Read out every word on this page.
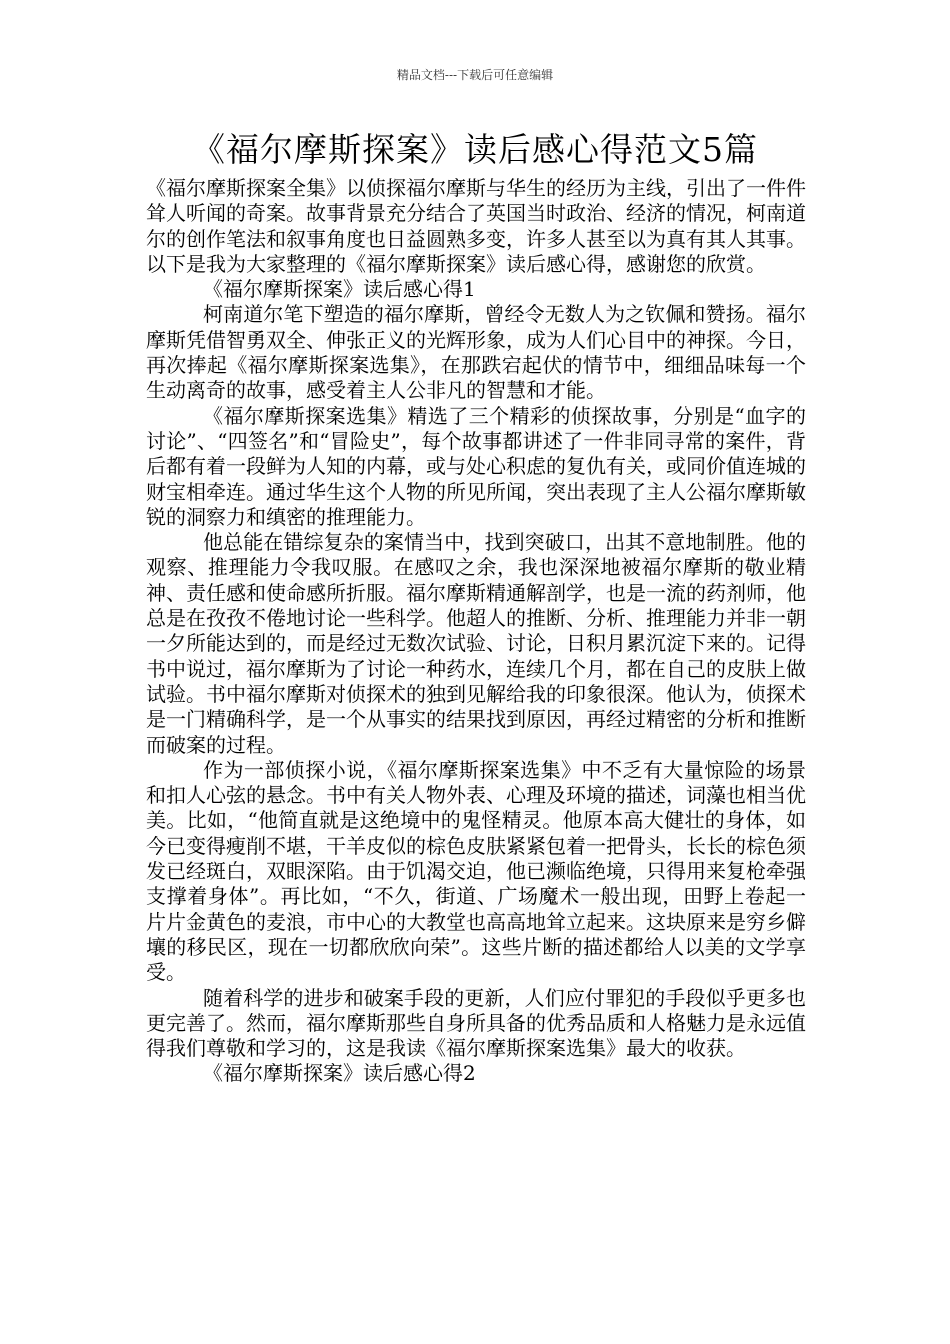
精品文档---下载后可任意编辑
《福尔摩斯探案》读后感心得范文5篇

《福尔摩斯探案全集》以侦探福尔摩斯与华生的经历为主线，引出了一件件耸人听闻的奇案。故事背景充分结合了英国当时政治、经济的情况，柯南道尔的创作笔法和叙事角度也日益圆熟多变，许多人甚至以为真有其人其事。以下是我为大家整理的《福尔摩斯探案》读后感心得，感谢您的欣赏。

《福尔摩斯探案》读后感心得1

柯南道尔笔下塑造的福尔摩斯，曾经令无数人为之钦佩和赞扬。福尔摩斯凭借智勇双全、伸张正义的光辉形象，成为人们心目中的神探。今日，再次捧起《福尔摩斯探案选集》，在那跌宕起伏的情节中，细细品味每一个生动离奇的故事，感受着主人公非凡的智慧和才能。

《福尔摩斯探案选集》精选了三个精彩的侦探故事，分别是“血字的讨论”、“四签名”和“冒险史”，每个故事都讲述了一件非同寻常的案件，背后都有着一段鲜为人知的内幕，或与处心积虑的复仇有关，或同价值连城的财宝相牵连。通过华生这个人物的所见所闻，突出表现了主人公福尔摩斯敏锐的洞察力和缜密的推理能力。

他总能在错综复杂的案情当中，找到突破口，出其不意地制胜。他的观察、推理能力令我叹服。在感叹之余，我也深深地被福尔摩斯的敬业精神、责任感和使命感所折服。福尔摩斯精通解剖学，也是一流的药剂师，他总是在孜孜不倦地讨论一些科学。他超人的推断、分析、推理能力并非一朝一夕所能达到的，而是经过无数次试验、讨论，日积月累沉淀下来的。记得书中说过，福尔摩斯为了讨论一种药水，连续几个月，都在自己的皮肤上做试验。书中福尔摩斯对侦探术的独到见解给我的印象很深。他认为，侦探术是一门精确科学，是一个从事实的结果找到原因，再经过精密的分析和推断而破案的过程。

作为一部侦探小说，《福尔摩斯探案选集》中不乏有大量惊险的场景和扣人心弦的悬念。书中有关人物外表、心理及环境的描述，词藻也相当优美。比如，“他简直就是这绝境中的鬼怪精灵。他原本高大健壮的身体，如今已变得瘦削不堪，干羊皮似的棕色皮肤紧紧包着一把骨头，长长的棕色须发已经斑白，双眼深陷。由于饥渴交迫，他已濒临绝境，只得用来复枪牵强支撑着身体”。再比如，“不久，街道、广场魔术一般出现，田野上卷起一片片金黄色的麦浪，市中心的大教堂也高高地耸立起来。这块原来是穷乡僻壤的移民区，现在一切都欣欣向荣”。这些片断的描述都给人以美的文学享受。

随着科学的进步和破案手段的更新，人们应付罪犯的手段似乎更多也更完善了。然而，福尔摩斯那些自身所具备的优秀品质和人格魅力是永远值得我们尊敬和学习的，这是我读《福尔摩斯探案选集》最大的收获。

《福尔摩斯探案》读后感心得2
